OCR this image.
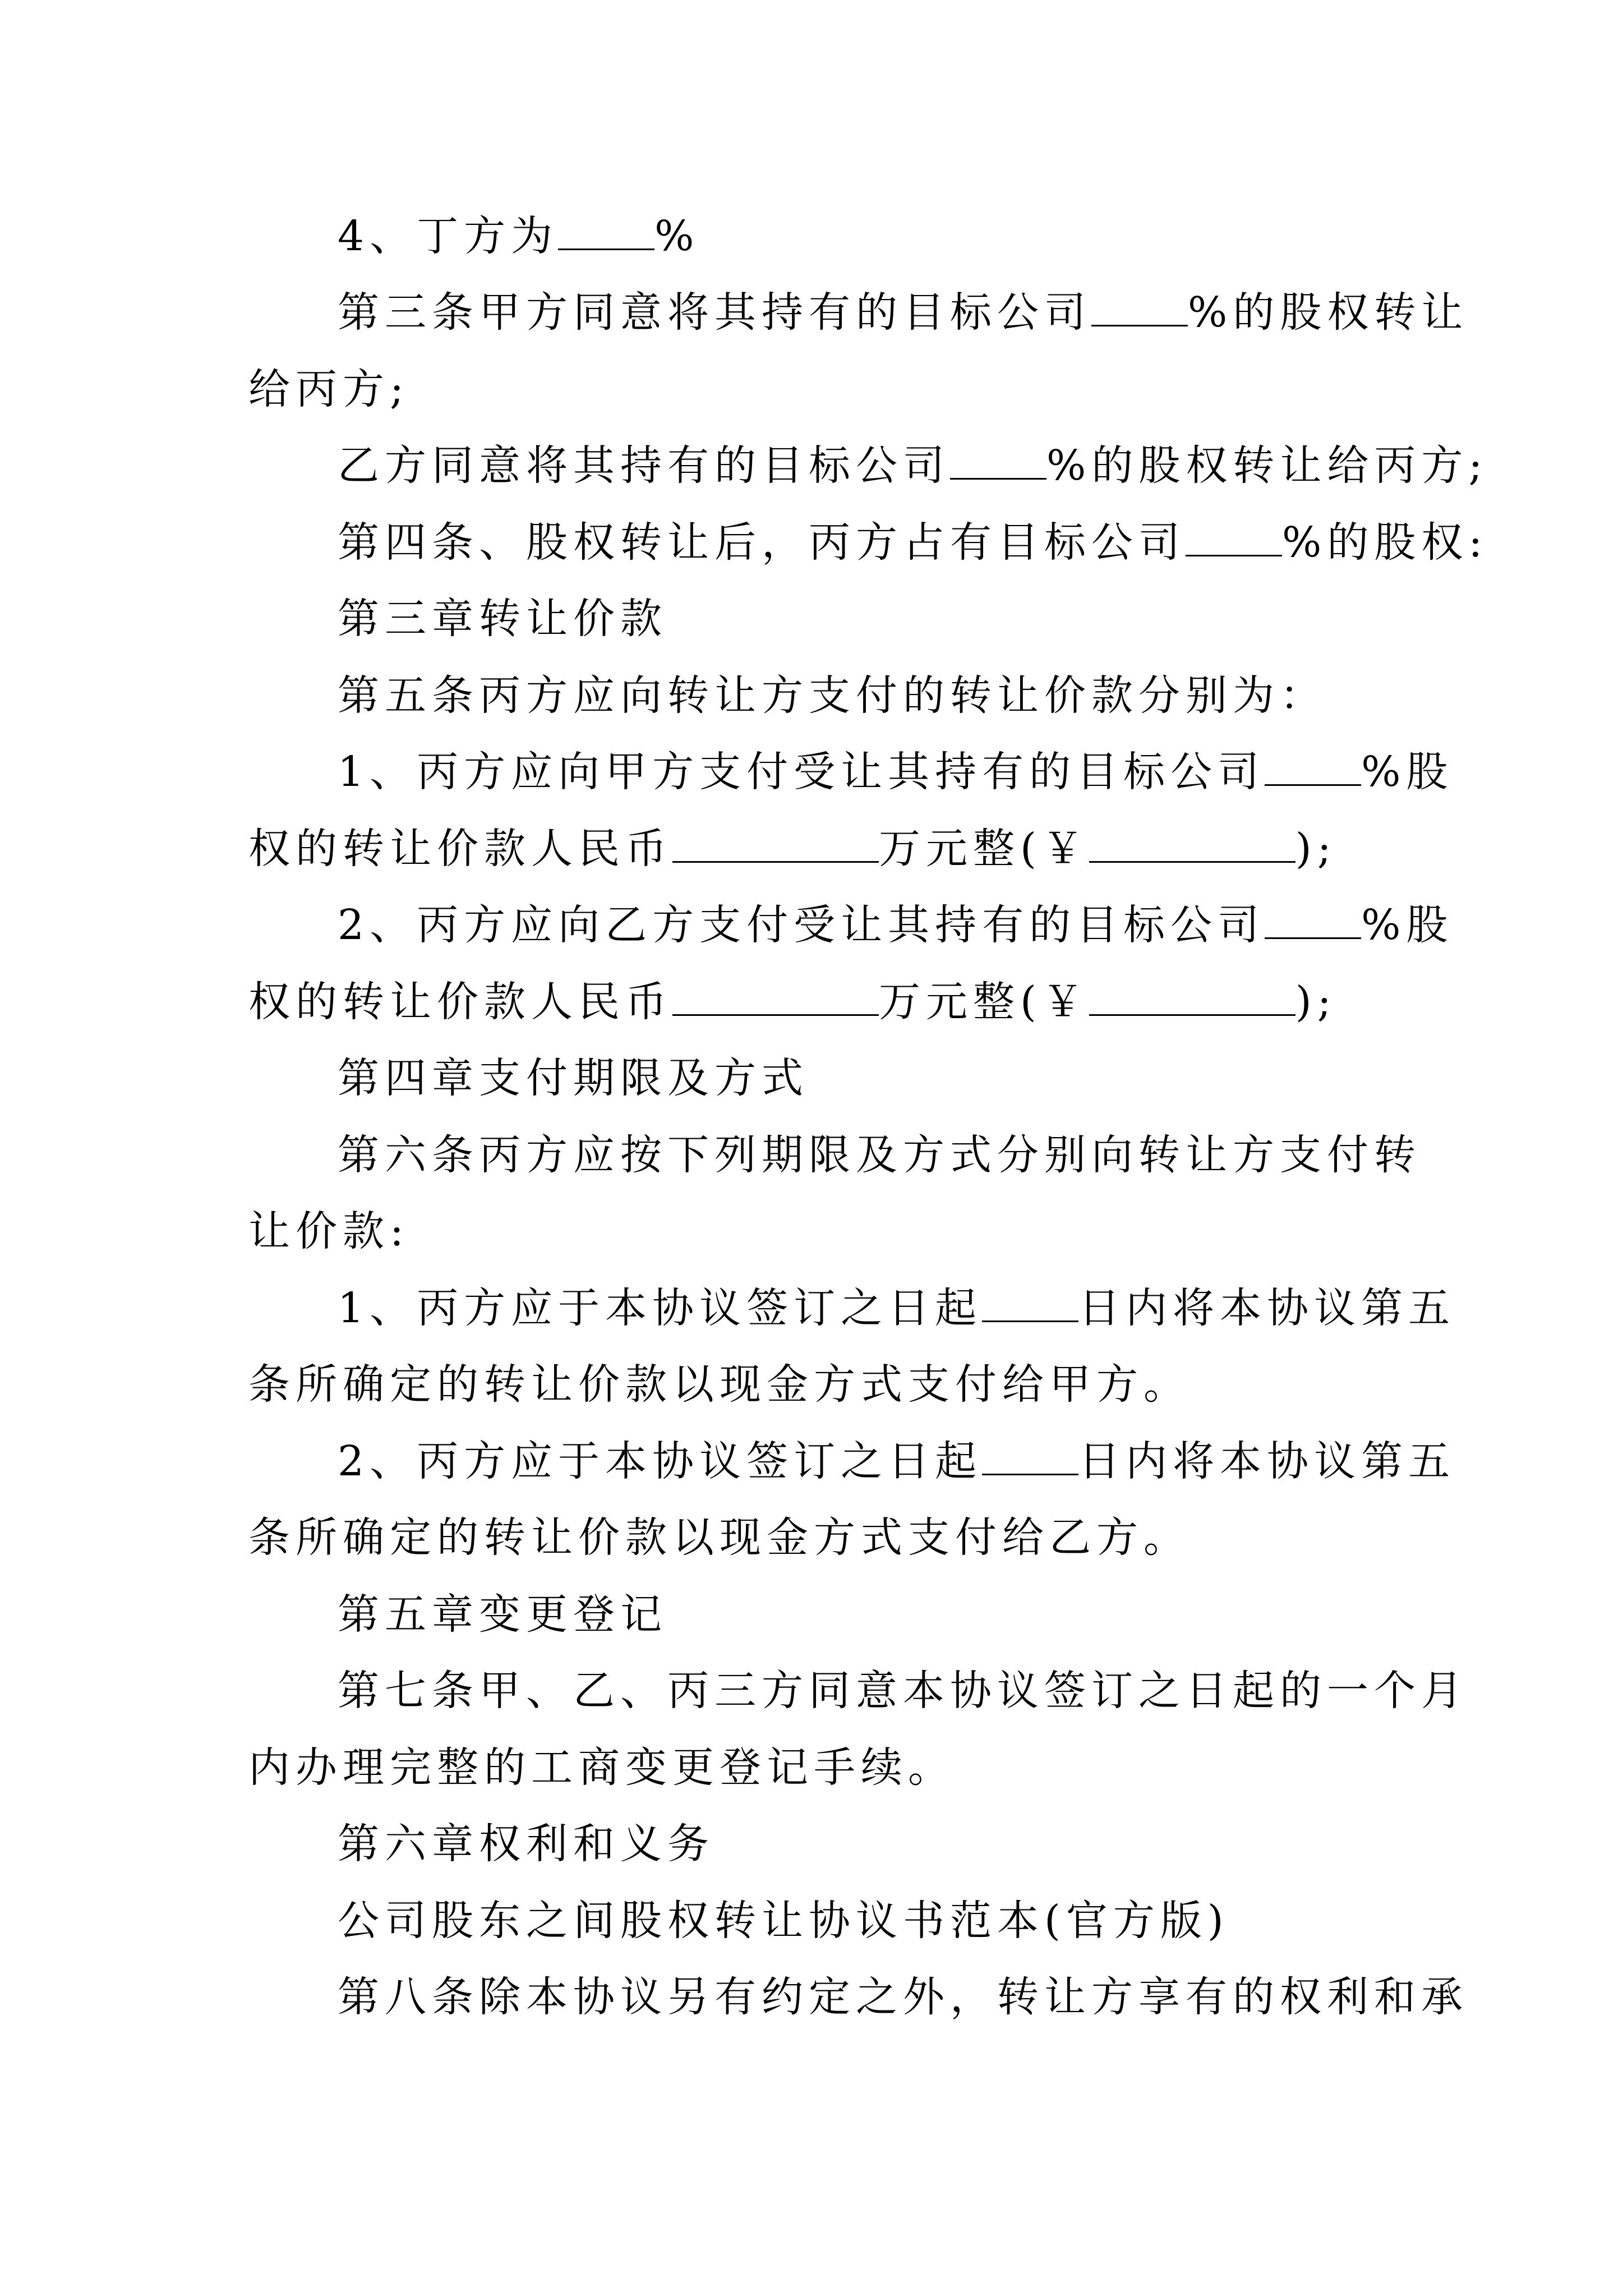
4、丁方为 %
第三条甲方同意将其持有的目标公司 %的股权转让
给丙方;
乙方同意将其持有的目标公司 %的股权转让给丙方;
第四条、股权转让后，丙方占有目标公司 %的股权:
第三章转让价款
第五条丙方应向转让方支付的转让价款分别为：
1、丙方应向甲方支付受让其持有的目标公司 %股
权的转让价款人民币	万元整(￥	);
2、丙方应向乙方支付受让其持有的目标公司 %股
权的转让价款人民币	万元整(￥	);
第四章支付期限及方式
第六条丙方应按下列期限及方式分别向转让方支付转
让价款:
1、丙方应于本协议签订之日起 日内将本协议第五
条所确定的转让价款以现金方式支付给甲方。
2、丙方应于本协议签订之日起 日内将本协议第五
条所确定的转让价款以现金方式支付给乙方。
第五章变更登记
第七条甲、乙、丙三方同意本协议签订之日起的一个月
内办理完整的工商变更登记手续。
第六章权利和义务
公司股东之间股权转让协议书范本(官方版)
第八条除本协议另有约定之外，转让方享有的权利和承
